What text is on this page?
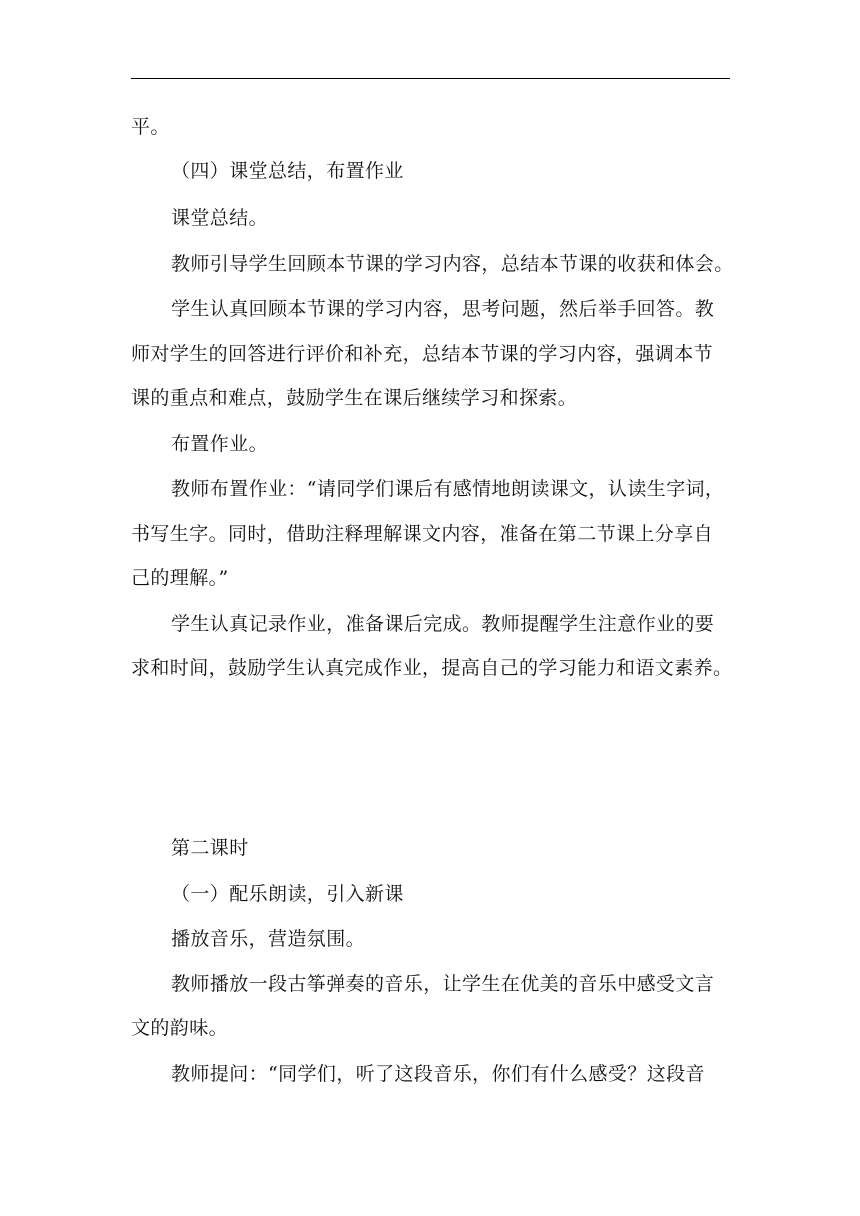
平。
（四）课堂总结，布置作业
课堂总结。
教师引导学生回顾本节课的学习内容，总结本节课的收获和体会。
学生认真回顾本节课的学习内容，思考问题，然后举手回答。教
师对学生的回答进行评价和补充，总结本节课的学习内容，强调本节
课的重点和难点，鼓励学生在课后继续学习和探索。
布置作业。
教师布置作业：“请同学们课后有感情地朗读课文，认读生字词，
书写生字。同时，借助注释理解课文内容，准备在第二节课上分享自
己的理解。”
学生认真记录作业，准备课后完成。教师提醒学生注意作业的要
求和时间，鼓励学生认真完成作业，提高自己的学习能力和语文素养。
第二课时
（一）配乐朗读，引入新课
播放音乐，营造氛围。
教师播放一段古筝弹奏的音乐，让学生在优美的音乐中感受文言
文的韵味。
教师提问：“同学们，听了这段音乐，你们有什么感受？这段音
